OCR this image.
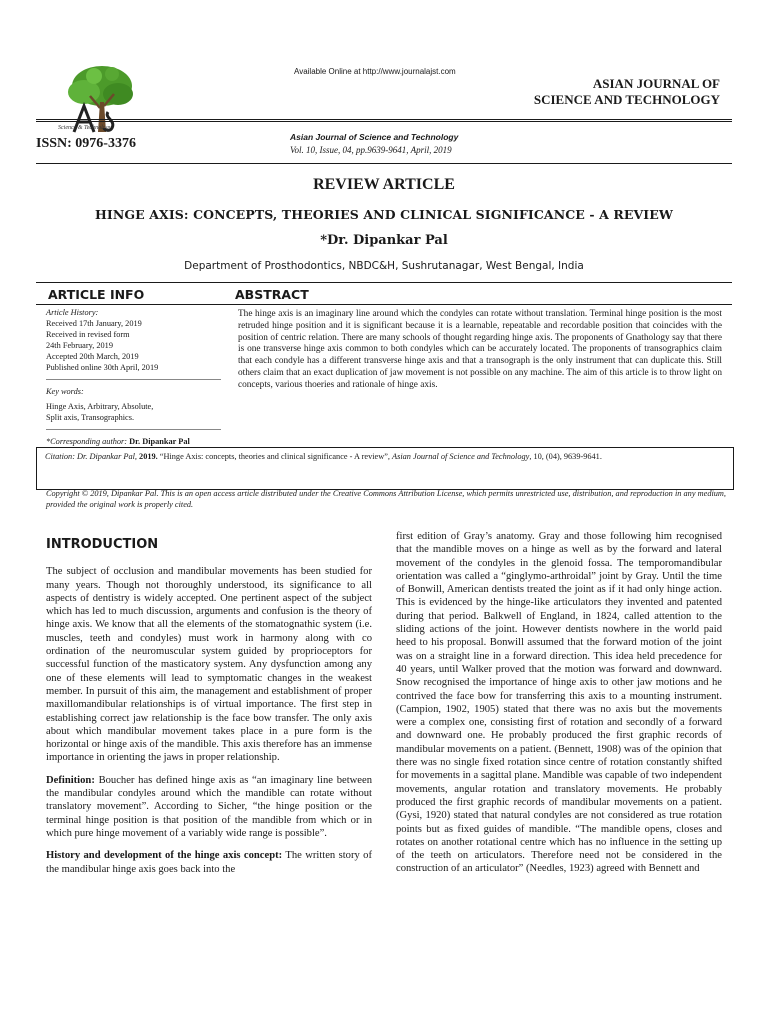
Science & Technology
ISSN: 0976-3376
Available Online at http://www.journalajst.com
ASIAN JOURNAL OF
SCIENCE AND TECHNOLOGY
Asian Journal of Science and Technology
Vol. 10, Issue, 04, pp.9639-9641, April, 2019
REVIEW ARTICLE
HINGE AXIS: CONCEPTS, THEORIES AND CLINICAL SIGNIFICANCE - A REVIEW
*Dr. Dipankar Pal
Department of Prosthodontics, NBDC&H, Sushrutanagar, West Bengal, India
ARTICLE INFO	ABSTRACT
Article History:
Received 17th January, 2019
Received in revised form
24th February, 2019
Accepted 20th March, 2019
Published online 30th April, 2019
Key words:
Hinge Axis, Arbitrary, Absolute,
Split axis, Transographics.
*Corresponding author: Dr. Dipankar Pal
The hinge axis is an imaginary line around which the condyles can rotate without translation. Terminal hinge position is the most retruded hinge position and it is significant because it is a learnable, repeatable and recordable position that coincides with the position of centric relation. There are many schools of thought regarding hinge axis. The proponents of Gnathology say that there is one transverse hinge axis common to both condyles which can be accurately located. The proponents of transographics claim that each condyle has a different transverse hinge axis and that a transograph is the only instrument that can duplicate this. Still others claim that an exact duplication of jaw movement is not possible on any machine. The aim of this article is to throw light on concepts, various thoeries and rationale of hinge axis.
Citation: Dr. Dipankar Pal, 2019. “Hinge Axis: concepts, theories and clinical significance - A review”, Asian Journal of Science and Technology, 10, (04), 9639-9641.
Copyright © 2019, Dipankar Pal. This is an open access article distributed under the Creative Commons Attribution License, which permits unrestricted use, distribution, and reproduction in any medium, provided the original work is properly cited.
INTRODUCTION

The subject of occlusion and mandibular movements has been studied for many years. Though not thoroughly understood, its significance to all aspects of dentistry is widely accepted. One pertinent aspect of the subject which has led to much discussion, arguments and confusion is the theory of hinge axis. We know that all the elements of the stomatognathic system (i.e. muscles, teeth and condyles) must work in harmony along with co ordination of the neuromuscular system guided by proprioceptors for successful function of the masticatory system. Any dysfunction among any one of these elements will lead to symptomatic changes in the weakest member. In pursuit of this aim, the management and establishment of proper maxillomandibular relationships is of virtual importance. The first step in establishing correct jaw relationship is the face bow transfer. The only axis about which mandibular movement takes place in a pure form is the horizontal or hinge axis of the mandible. This axis therefore has an immense importance in orienting the jaws in proper relationship.

Definition: Boucher has defined hinge axis as “an imaginary line between the mandibular condyles around which the mandible can rotate without translatory movement”. According to Sicher, “the hinge position or the terminal hinge position is that position of the mandible from which or in which pure hinge movement of a variably wide range is possible”.

History and development of the hinge axis concept: The written story of the mandibular hinge axis goes back into the

first edition of Gray’s anatomy. Gray and those following him recognised that the mandible moves on a hinge as well as by the forward and lateral movement of the condyles in the glenoid fossa. The temporomandibular orientation was called a “ginglymo-arthroidal” joint by Gray. Until the time of Bonwill, American dentists treated the joint as if it had only hinge action. This is evidenced by the hinge-like articulators they invented and patented during that period. Balkwell of England, in 1824, called attention to the sliding actions of the joint. However dentists nowhere in the world paid heed to his proposal. Bonwill assumed that the forward motion of the joint was on a straight line in a forward direction. This idea held precedence for 40 years, until Walker proved that the motion was forward and downward. Snow recognised the importance of hinge axis to other jaw motions and he contrived the face bow for transferring this axis to a mounting instrument. (Campion, 1902, 1905) stated that there was no axis but the movements were a complex one, consisting first of rotation and secondly of a forward and downward one. He probably produced the first graphic records of mandibular movements on a patient. (Bennett, 1908) was of the opinion that there was no single fixed rotation since centre of rotation constantly shifted for movements in a sagittal plane. Mandible was capable of two independent movements, angular rotation and translatory movements. He probably produced the first graphic records of mandibular movements on a patient. (Gysi, 1920) stated that natural condyles are not considered as true rotation points but as fixed guides of mandible. “The mandible opens, closes and rotates on another rotational centre which has no influence in the setting up of the teeth on articulators. Therefore need not be considered in the construction of an articulator” (Needles, 1923) agreed with Bennett and
